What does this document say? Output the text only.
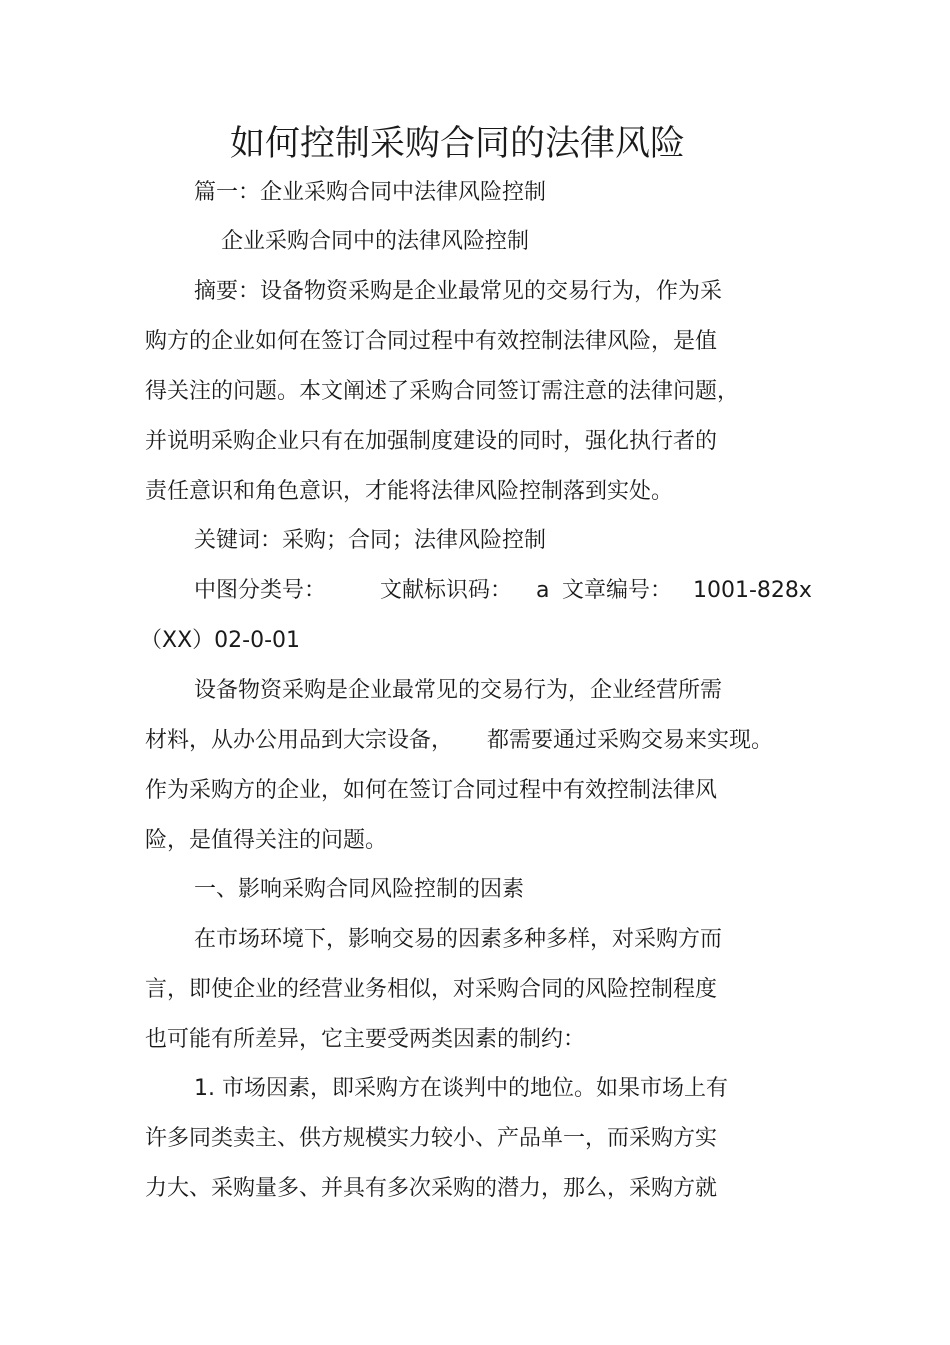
如何控制采购合同的法律风险
篇一：企业采购合同中法律风险控制
企业采购合同中的法律风险控制
摘要：设备物资采购是企业最常见的交易行为，作为采
购方的企业如何在签订合同过程中有效控制法律风险，是值
得关注的问题。本文阐述了采购合同签订需注意的法律问题，
并说明采购企业只有在加强制度建设的同时，强化执行者的
责任意识和角色意识，才能将法律风险控制落到实处。
关键词：采购；合同；法律风险控制
中图分类号： 文献标识码： a 文章编号： 1001-828x
（XX）02-0-01
设备物资采购是企业最常见的交易行为，企业经营所需
材料，从办公用品到大宗设备， 都需要通过采购交易来实现。
作为采购方的企业，如何在签订合同过程中有效控制法律风
险，是值得关注的问题。
一、影响采购合同风险控制的因素
在市场环境下，影响交易的因素多种多样，对采购方而
言，即使企业的经营业务相似，对采购合同的风险控制程度
也可能有所差异，它主要受两类因素的制约：
1. 市场因素，即采购方在谈判中的地位。如果市场上有
许多同类卖主、供方规模实力较小、产品单一，而采购方实
力大、采购量多、并具有多次采购的潜力，那么，采购方就
